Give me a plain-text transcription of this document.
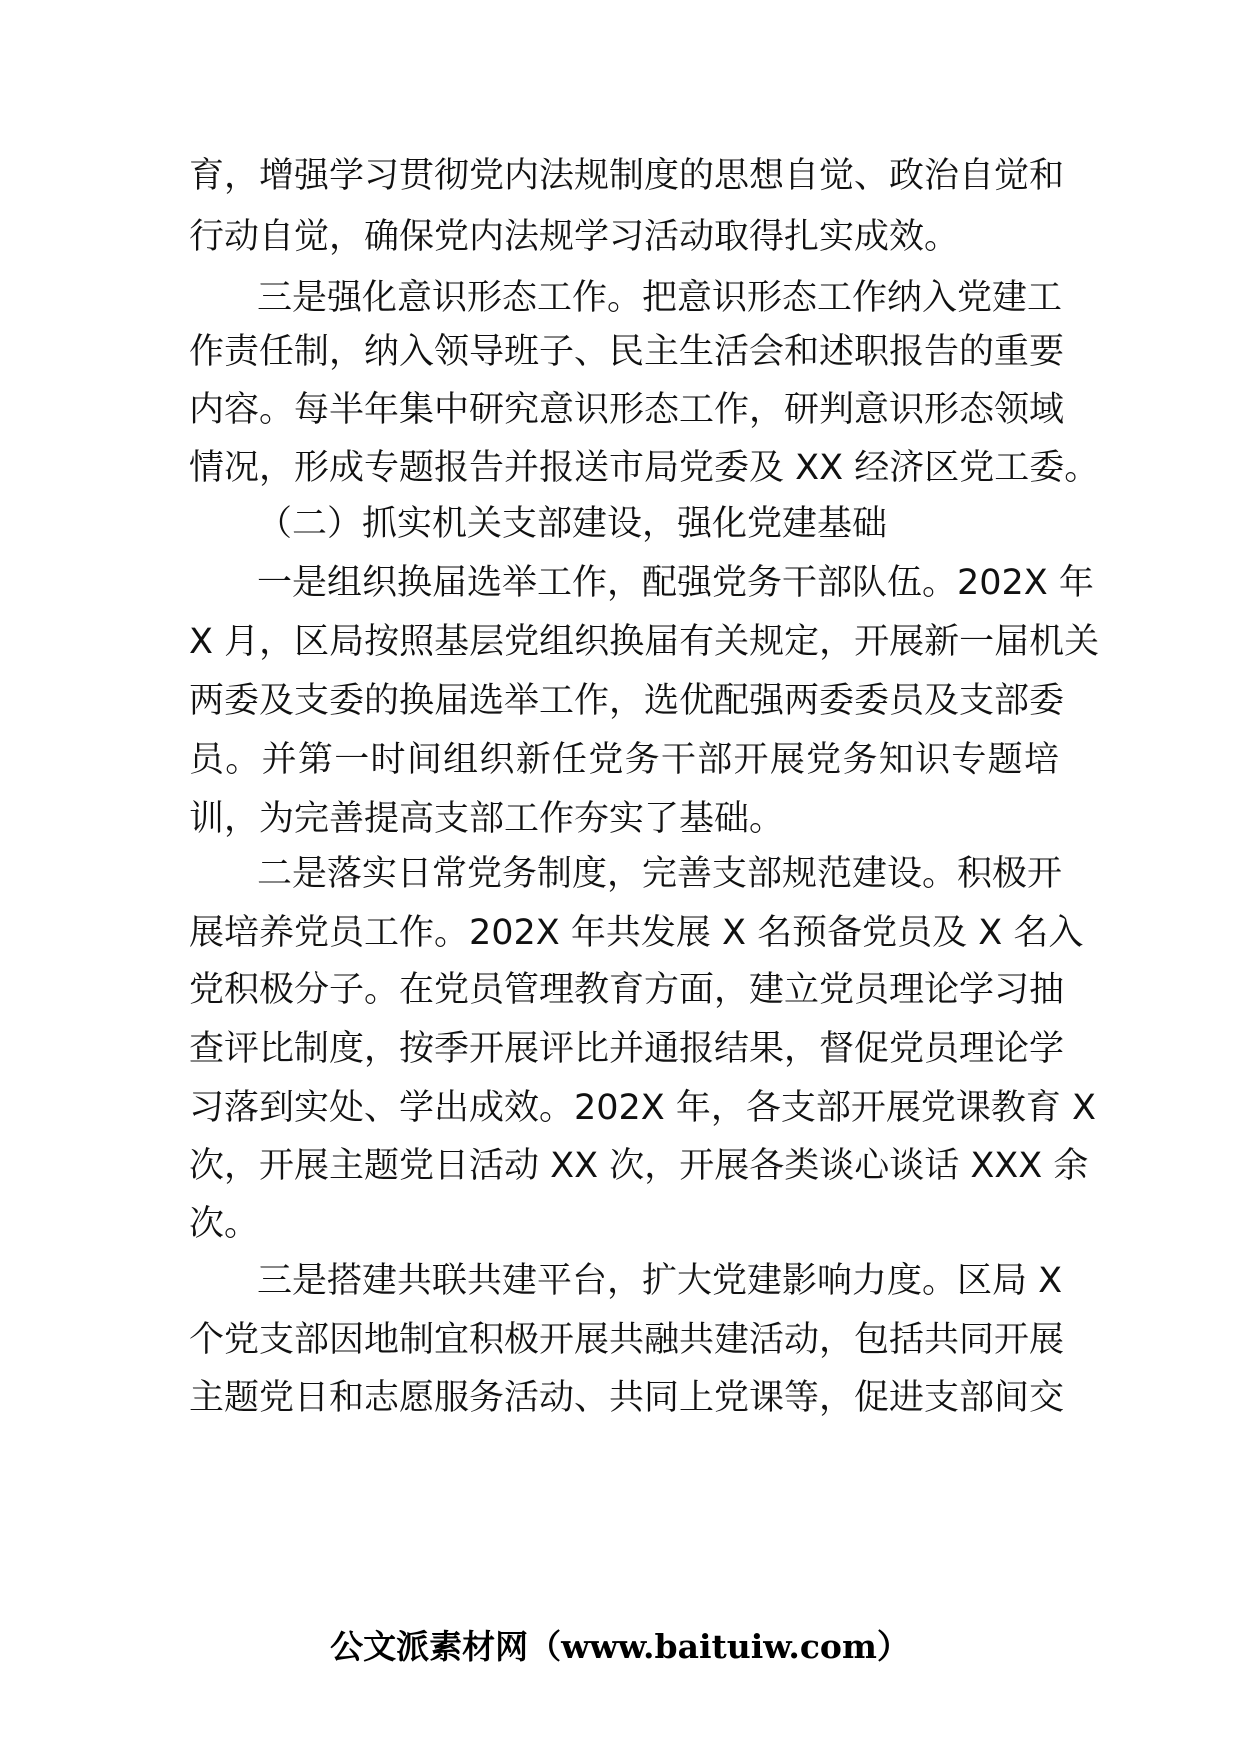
育，增强学习贯彻党内法规制度的思想自觉、政治自觉和
行动自觉，确保党内法规学习活动取得扎实成效。
三是强化意识形态工作。把意识形态工作纳入党建工
作责任制，纳入领导班子、民主生活会和述职报告的重要
内容。每半年集中研究意识形态工作，研判意识形态领域
情况，形成专题报告并报送市局党委及 XX 经济区党工委。
（二）抓实机关支部建设，强化党建基础
一是组织换届选举工作，配强党务干部队伍。202X 年
X 月，区局按照基层党组织换届有关规定，开展新一届机关
两委及支委的换届选举工作，选优配强两委委员及支部委
员。并第一时间组织新任党务干部开展党务知识专题培
训，为完善提高支部工作夯实了基础。
二是落实日常党务制度，完善支部规范建设。积极开
展培养党员工作。202X 年共发展 X 名预备党员及 X 名入
党积极分子。在党员管理教育方面，建立党员理论学习抽
查评比制度，按季开展评比并通报结果，督促党员理论学
习落到实处、学出成效。202X 年，各支部开展党课教育 X
次，开展主题党日活动 XX 次，开展各类谈心谈话 XXX 余
次。
三是搭建共联共建平台，扩大党建影响力度。区局 X
个党支部因地制宜积极开展共融共建活动，包括共同开展
主题党日和志愿服务活动、共同上党课等，促进支部间交
公文派素材网（www.baituiw.com）
